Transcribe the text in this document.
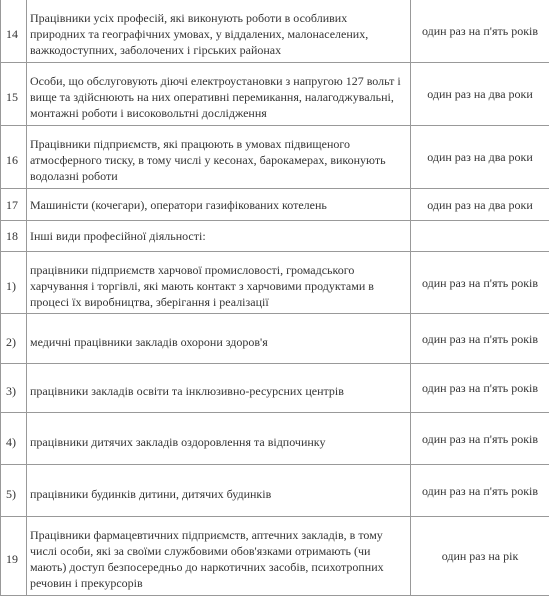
14	Працівники усіх професій, які виконують роботи в особливих природних та географічних умовах, у віддалених, малонаселених, важкодоступних, заболочених і гірських районах	один раз на п'ять років
15	Особи, що обслуговують діючі електроустановки з напругою 127 вольт і вище та здійснюють на них оперативні перемикання, налагоджувальні, монтажні роботи і високовольтні дослідження	один раз на два роки
16	Працівники підприємств, які працюють в умовах підвищеного атмосферного тиску, в тому числі у кесонах, барокамерах, виконують водолазні роботи	один раз на два роки
17	Машиністи (кочегари), оператори газифікованих котелень	один раз на два роки
18	Інші види професійної діяльності:	
1)	працівники підприємств харчової промисловості, громадського харчування і торгівлі, які мають контакт з харчовими продуктами в процесі їх виробництва, зберігання і реалізації	один раз на п'ять років
2)	медичні працівники закладів охорони здоров'я	один раз на п'ять років
3)	працівники закладів освіти та інклюзивно-ресурсних центрів	один раз на п'ять років
4)	працівники дитячих закладів оздоровлення та відпочинку	один раз на п'ять років
5)	працівники будинків дитини, дитячих будинків	один раз на п'ять років
19	Працівники фармацевтичних підприємств, аптечних закладів, в тому числі особи, які за своїми службовими обов'язками отримають (чи мають) доступ безпосередньо до наркотичних засобів, психотропних речовин і прекурсорів	один раз на рік
